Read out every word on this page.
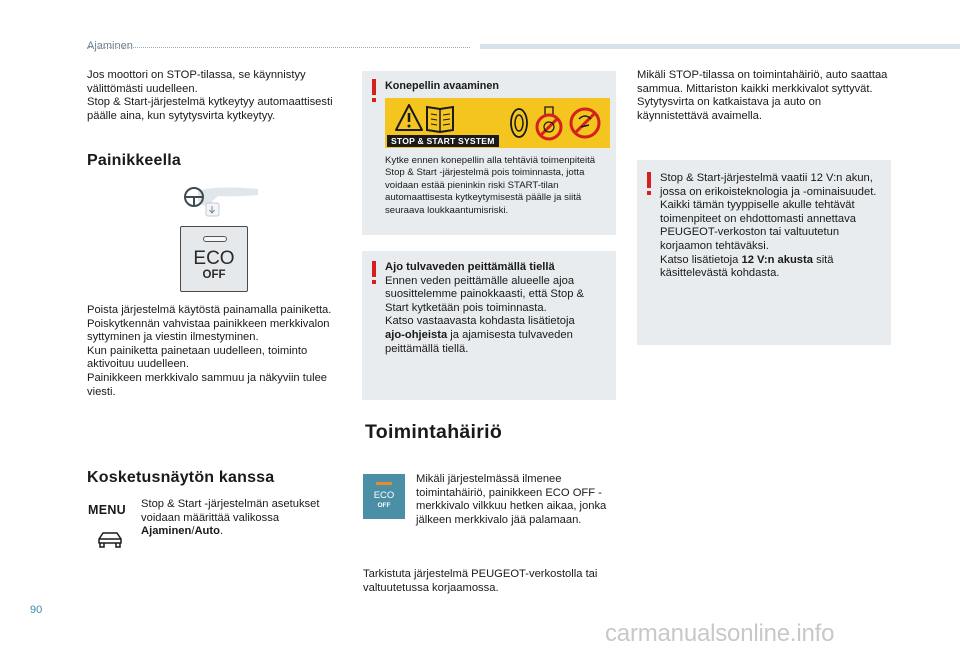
Ajaminen

Jos moottori on STOP-tilassa, se käynnistyy välittömästi uudelleen.

Stop & Start-järjestelmä kytkeytyy automaattisesti päälle aina, kun sytytysvirta kytkeytyy.

Painikkeella
ECO
OFF

Poista järjestelmä käytöstä painamalla painiketta.

Poiskytkennän vahvistaa painikkeen merkkivalon syttyminen ja viestin ilmestyminen.

Kun painiketta painetaan uudelleen, toiminto aktivoituu uudelleen.

Painikkeen merkkivalo sammuu ja näkyviin tulee viesti.

Kosketusnäytön kanssa
MENU Stop & Start -järjestelmän asetukset voidaan määrittää valikossa Ajaminen/Auto.
Konepellin avaaminen
STOP & START SYSTEM
Kytke ennen konepellin alla tehtäviä toimenpiteitä Stop & Start -järjestelmä pois toiminnasta, jotta voidaan estää pieninkin riski START-tilan automaattisesta kytkeytymisestä päälle ja siitä seuraava loukkaantumisriski.

Ajo tulvaveden peittämällä tiellä

Ennen veden peittämälle alueelle ajoa suosittelemme painokkaasti, että Stop & Start kytketään pois toiminnasta.

Katso vastaavasta kohdasta lisätietoja
ajo-ohjeista ja ajamisesta tulvaveden peittämällä tiellä.

Toimintahäiriö
ECO
OFF
Mikäli järjestelmässä ilmenee toimintahäiriö, painikkeen ECO OFF -merkkivalo vilkkuu hetken aikaa, jonka jälkeen merkkivalo jää palamaan.
Tarkistuta järjestelmä PEUGEOT-verkostolla tai valtuutetussa korjaamossa.
Mikäli STOP-tilassa on toimintahäiriö, auto saattaa sammua. Mittariston kaikki merkkivalot syttyvät. Sytytysvirta on katkaistava ja auto on käynnistettävä avaimella.

Stop & Start-järjestelmä vaatii 12 V:n akun, jossa on erikoisteknologia ja -ominaisuudet.

Kaikki tämän tyyppiselle akulle tehtävät toimenpiteet on ehdottomasti annettava PEUGEOT-verkoston tai valtuutetun korjaamon tehtäväksi.

Katso lisätietoja 12 V:n akusta sitä käsittelevästä kohdasta.

90
carmanualsonline.info
